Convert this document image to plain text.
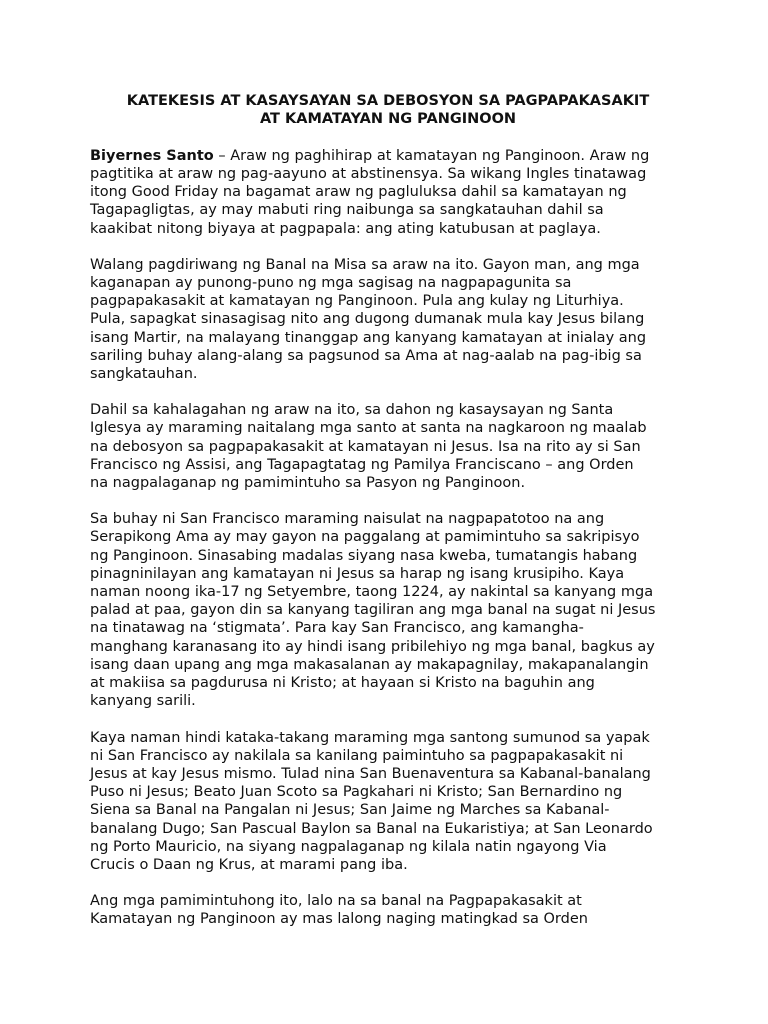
KATEKESIS AT KASAYSAYAN SA DEBOSYON SA PAGPAPAKASAKIT
AT KAMATAYAN NG PANGINOON
Biyernes Santo – Araw ng paghihirap at kamatayan ng Panginoon. Araw ng
pagtitika at araw ng pag-aayuno at abstinensya. Sa wikang Ingles tinatawag
itong Good Friday na bagamat araw ng pagluluksa dahil sa kamatayan ng
Tagapagligtas, ay may mabuti ring naibunga sa sangkatauhan dahil sa
kaakibat nitong biyaya at pagpapala: ang ating katubusan at paglaya.
Walang pagdiriwang ng Banal na Misa sa araw na ito. Gayon man, ang mga
kaganapan ay punong-puno ng mga sagisag na nagpapagunita sa
pagpapakasakit at kamatayan ng Panginoon. Pula ang kulay ng Liturhiya.
Pula, sapagkat sinasagisag nito ang dugong dumanak mula kay Jesus bilang
isang Martir, na malayang tinanggap ang kanyang kamatayan at inialay ang
sariling buhay alang-alang sa pagsunod sa Ama at nag-aalab na pag-ibig sa
sangkatauhan.
Dahil sa kahalagahan ng araw na ito, sa dahon ng kasaysayan ng Santa
Iglesya ay maraming naitalang mga santo at santa na nagkaroon ng maalab
na debosyon sa pagpapakasakit at kamatayan ni Jesus. Isa na rito ay si San
Francisco ng Assisi, ang Tagapagtatag ng Pamilya Franciscano – ang Orden
na nagpalaganap ng pamimintuho sa Pasyon ng Panginoon.
Sa buhay ni San Francisco maraming naisulat na nagpapatotoo na ang
Serapikong Ama ay may gayon na paggalang at pamimintuho sa sakripisyo
ng Panginoon. Sinasabing madalas siyang nasa kweba, tumatangis habang
pinagninilayan ang kamatayan ni Jesus sa harap ng isang krusipiho. Kaya
naman noong ika-17 ng Setyembre, taong 1224, ay nakintal sa kanyang mga
palad at paa, gayon din sa kanyang tagiliran ang mga banal na sugat ni Jesus
na tinatawag na ‘stigmata’. Para kay San Francisco, ang kamangha-
manghang karanasang ito ay hindi isang pribilehiyo ng mga banal, bagkus ay
isang daan upang ang mga makasalanan ay makapagnilay, makapanalangin
at makiisa sa pagdurusa ni Kristo; at hayaan si Kristo na baguhin ang
kanyang sarili.
Kaya naman hindi kataka-takang maraming mga santong sumunod sa yapak
ni San Francisco ay nakilala sa kanilang paimintuho sa pagpapakasakit ni
Jesus at kay Jesus mismo. Tulad nina San Buenaventura sa Kabanal-banalang
Puso ni Jesus; Beato Juan Scoto sa Pagkahari ni Kristo; San Bernardino ng
Siena sa Banal na Pangalan ni Jesus; San Jaime ng Marches sa Kabanal-
banalang Dugo; San Pascual Baylon sa Banal na Eukaristiya; at San Leonardo
ng Porto Mauricio, na siyang nagpalaganap ng kilala natin ngayong Via
Crucis o Daan ng Krus, at marami pang iba.
Ang mga pamimintuhong ito, lalo na sa banal na Pagpapakasakit at
Kamatayan ng Panginoon ay mas lalong naging matingkad sa Orden
